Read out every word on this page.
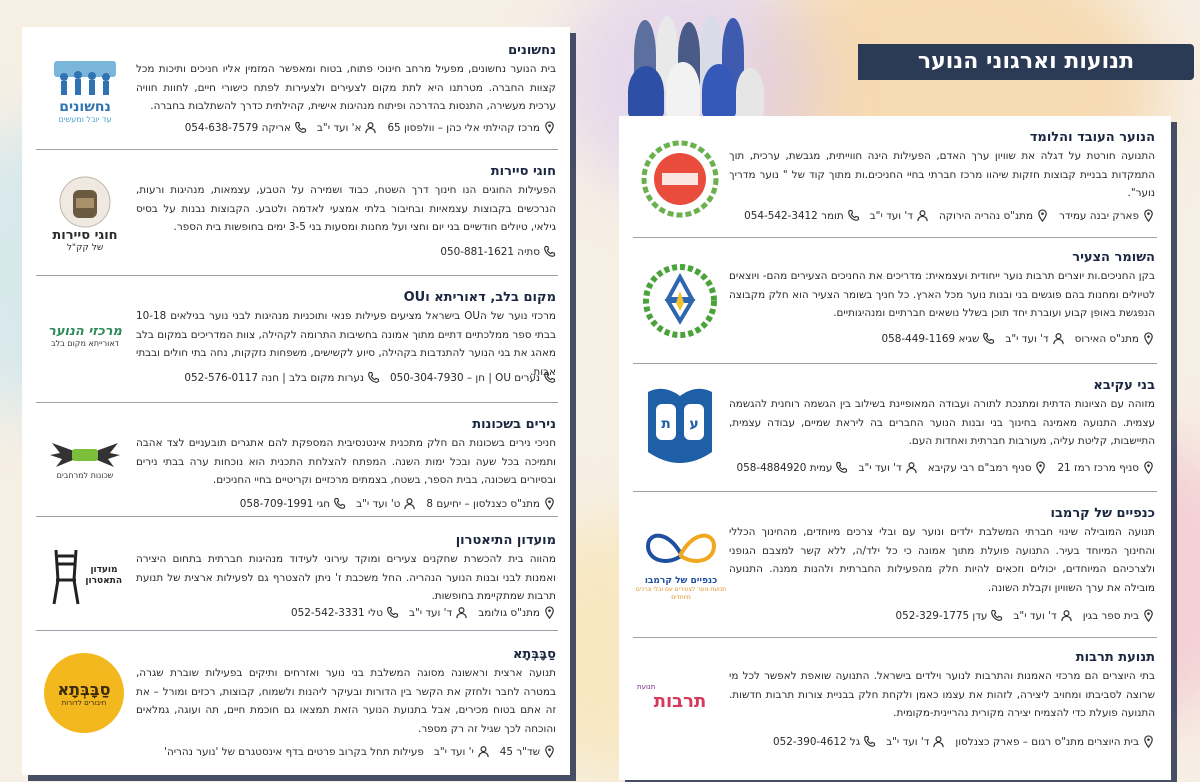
תנועות וארגוני הנוער
נחשונים
עד יובל ומעשים
נחשונים
בית הנוער נחשונים, מפעיל מרחב חינוכי פתוח, בטוח ומאפשר המזמין אליו חניכים ותיכות מכל קצוות החברה. מטרתנו היא לתת מקום לצעירים ולצעירות לפתח כישורי חיים, לחוות חוויה ערכית מעשירה, התנסות בהדרכה ופיתוח מנהיגות אישית, קהילתית כדרך להשתלבות בחברה.
מרכז קהילתי אלי כהן – וולפסון 65
א' ועד י"ב
אריקה 054-638-7579
חוגי סיירות
של קק"ל
חוגי סיירות
הפעילות החוגים הנו חינוך דרך השטח, כבוד ושמירה על הטבע, עצמאות, מנהיגות ורעות, הנרכשים בקבוצות עצמאיות ובחיבור בלתי אמצעי לאדמה ולטבע. הקבוצות נבנות על בסיס גילאי, טיולים חודשיים בני יום וחצי ועל מחנות ומסעות בני 3-5 ימים בחופשות בית הספר.
סתיה 050-881-1621
מרכזי הנוער
דאורייתא מקום בלב
מקום בלב, דאוריתא וOU
מרכזי נוער של הOU בישראל מציעים פעילות פנאי ותוכניות מנהיגות לבני נוער בגילאים 10-18 בבתי ספר ממלכתיים דתיים מתוך אמונה בחשיבות התרומה לקהילה, צוות המדריכים במקום בלב מאהג את בני הנוער להתנדבות בקהילה, סיוע לקשישים, משפחות נזקקות, נחה בתי חולים ובבתי אבות.
נערים OU | חן – 050-304-7930
נערות מקום בלב | חנה 052-576-0117
שכונות למרחבים
נירים בשכונות
חניכי נירים בשכונות הם חלק מתכנית אינטנסיבית המספקת להם אתגרים תובעניים לצד אהבה ותמיכה בכל שעה ובכל ימות השנה. המפתח להצלחת התכנית הוא נוכחות ערה בבתי נירים ובסיורים בשכונה, בבית הספר, בשטח, בצמתים מרכזיים וקריטיים בחיי החניכים.
מתנ"ס כצנלסון – יחיעם 8
ט' ועד י"ב
חגי 058-709-1991
מועדון התאטרון
מועדון התיאטרון
מהווה בית להכשרת שחקנים צעירים ומוקד עירוני לעידוד מנהיגות חברתית בתחום היצירה ואמנות לבני ובנות הנוער הנהריה. החל משכבת ז' ניתן להצטרף גם לפעילות ארצית של תנועת תרבות שמתקיימת בחופשות.
מתנ"ס גולומב
ד' ועד י"ב
טלי 052-542-3331
סַבָּבְּתָא
חיבורים לדורות
סַבָּבְּתָא
תנועה ארצית וראשונה מסוגה המשלבת בני נוער ואזרחים ותיקים בפעילות שוברת שגרה, במטרה לחבר ולחזק את הקשר בין הדורות ובעיקר ליהנות ולשמוח, קבוצות, רכזים ומורל – את זה אתם בטוח מכירים, אבל בתנועת הנוער הזאת תמצאו גם חוכמת חיים, תה ועוגה, גמלאים והוכחה לכך שגיל זה רק מספר.
שד"ר 45
י' ועד י"ב
פעילות תחל בקרוב פרטים בדף אינסטגרם של 'נוער נהריה'
הנוער העובד והלומד
התנועה חורטת על דגלה את שוויון ערך האדם, הפעילות הינה חווייתית, מגבשת, ערכית, תוך התמקדות בבניית קבוצות חזקות שיהוו מרכז חברתי בחיי החניכים.ות מתוך קוד של " נוער מדריך נוער".
פארק יבנה עמידר
מתנ"ס נהריה הירוקה
ד' ועד י"ב
תומר 054-542-3412
השומר הצעיר
בקן החניכים.ות יוצרים תרבות נוער ייחודית ועצמאית: מדריכים את החניכים הצעירים מהם- ויוצאים לטיולים ומחנות בהם פוגשים בני ובנות נוער מכל הארץ. כל חניך בשומר הצעיר הוא חלק מקבוצה הנפגשת באופן קבוע ועוברת יחד תוכן בשלל נושאים חברתיים ומנהיגותיים.
מתנ"ס האירוס
ד' ועד י"ב
שגיא 058-449-1169
ת ע
בני עקיבא
מזוהה עם הציונות הדתית ומתנכת לתורה ועבודה המאופיינת בשילוב בין הגשמה רוחנית להגשמה עצמית. התנועה מאמינה בחינוך בני ובנות הנוער החברים בה ליראת שמיים, עבודה עצמית, התיישבות, קליטת עליה, מעורבות חברתית ואחדות העם.
סניף מרכז רמז 21
סניף רמב"ם רבי עקיבא
ד' ועד י"ב
עמית 058-4884920
כנפיים של קרמבו
תנועת נוער לצעירים עם ובלי צרכים מיוחדים
כנפיים של קרמבו
תנועה המובילה שינוי חברתי המשלבת ילדים ונוער עם ובלי צרכים מיוחדים, מהחינוך הכללי והחינוך המיוחד בעיר. התנועה פועלת מתוך אמונה כי כל ילד/ה, ללא קשר למצבם הגופני ולצרכיהם המיוחדים, יכולים וזכאים להיות חלק מהפעילות החברתית ולהנות ממנה. התנועה מובילה את ערך השוויון וקבלת השונה.
בית ספר בגין
ד' ועד י"ב
עדן 052-329-1775
תנועת
תרבות
תנועת תרבות
בתי היוצרים הם מרכזי האמנות והתרבות לנוער וילדים בישראל. התנועה שואפת לאפשר לכל מי שרוצה לסביבתו ומחויב ליצירה, לזהות את עצמו כאמן ולקחת חלק בבניית צורות תרבות חדשות. התנועה פועלת כדי להצמיח יצירה מקורית נהריינית-מקומית.
בית היוצרים מתנ"ס רגום – פארק כצנלסון
ד' ועד י"ב
גל 052-390-4612
